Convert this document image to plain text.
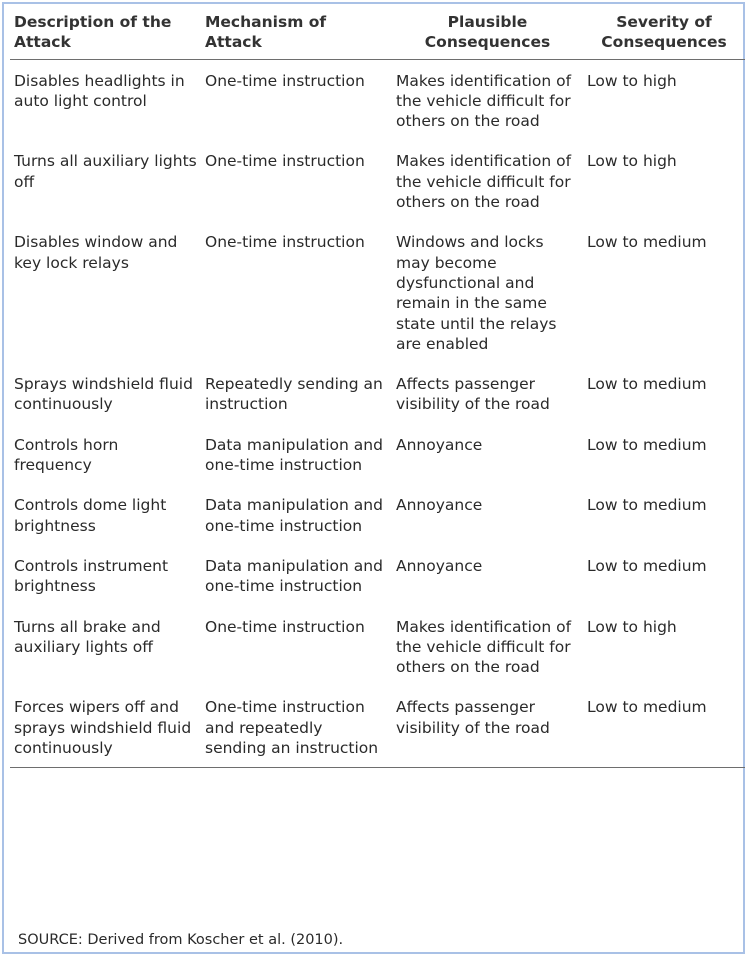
Description of the Attack	Mechanism of Attack	Plausible Consequences	Severity of Consequences
Disables headlights in auto light control	One-time instruction	Makes identification of the vehicle difficult for others on the road	Low to high
Turns all auxiliary lights off	One-time instruction	Makes identification of the vehicle difficult for others on the road	Low to high
Disables window and key lock relays	One-time instruction	Windows and locks may become dysfunctional and remain in the same state until the relays are enabled	Low to medium
Sprays windshield fluid continuously	Repeatedly sending an instruction	Affects passenger visibility of the road	Low to medium
Controls horn frequency	Data manipulation and one-time instruction	Annoyance	Low to medium
Controls dome light brightness	Data manipulation and one-time instruction	Annoyance	Low to medium
Controls instrument brightness	Data manipulation and one-time instruction	Annoyance	Low to medium
Turns all brake and auxiliary lights off	One-time instruction	Makes identification of the vehicle difficult for others on the road	Low to high
Forces wipers off and sprays windshield fluid continuously	One-time instruction and repeatedly sending an instruction	Affects passenger visibility of the road	Low to medium
SOURCE: Derived from Koscher et al. (2010).
